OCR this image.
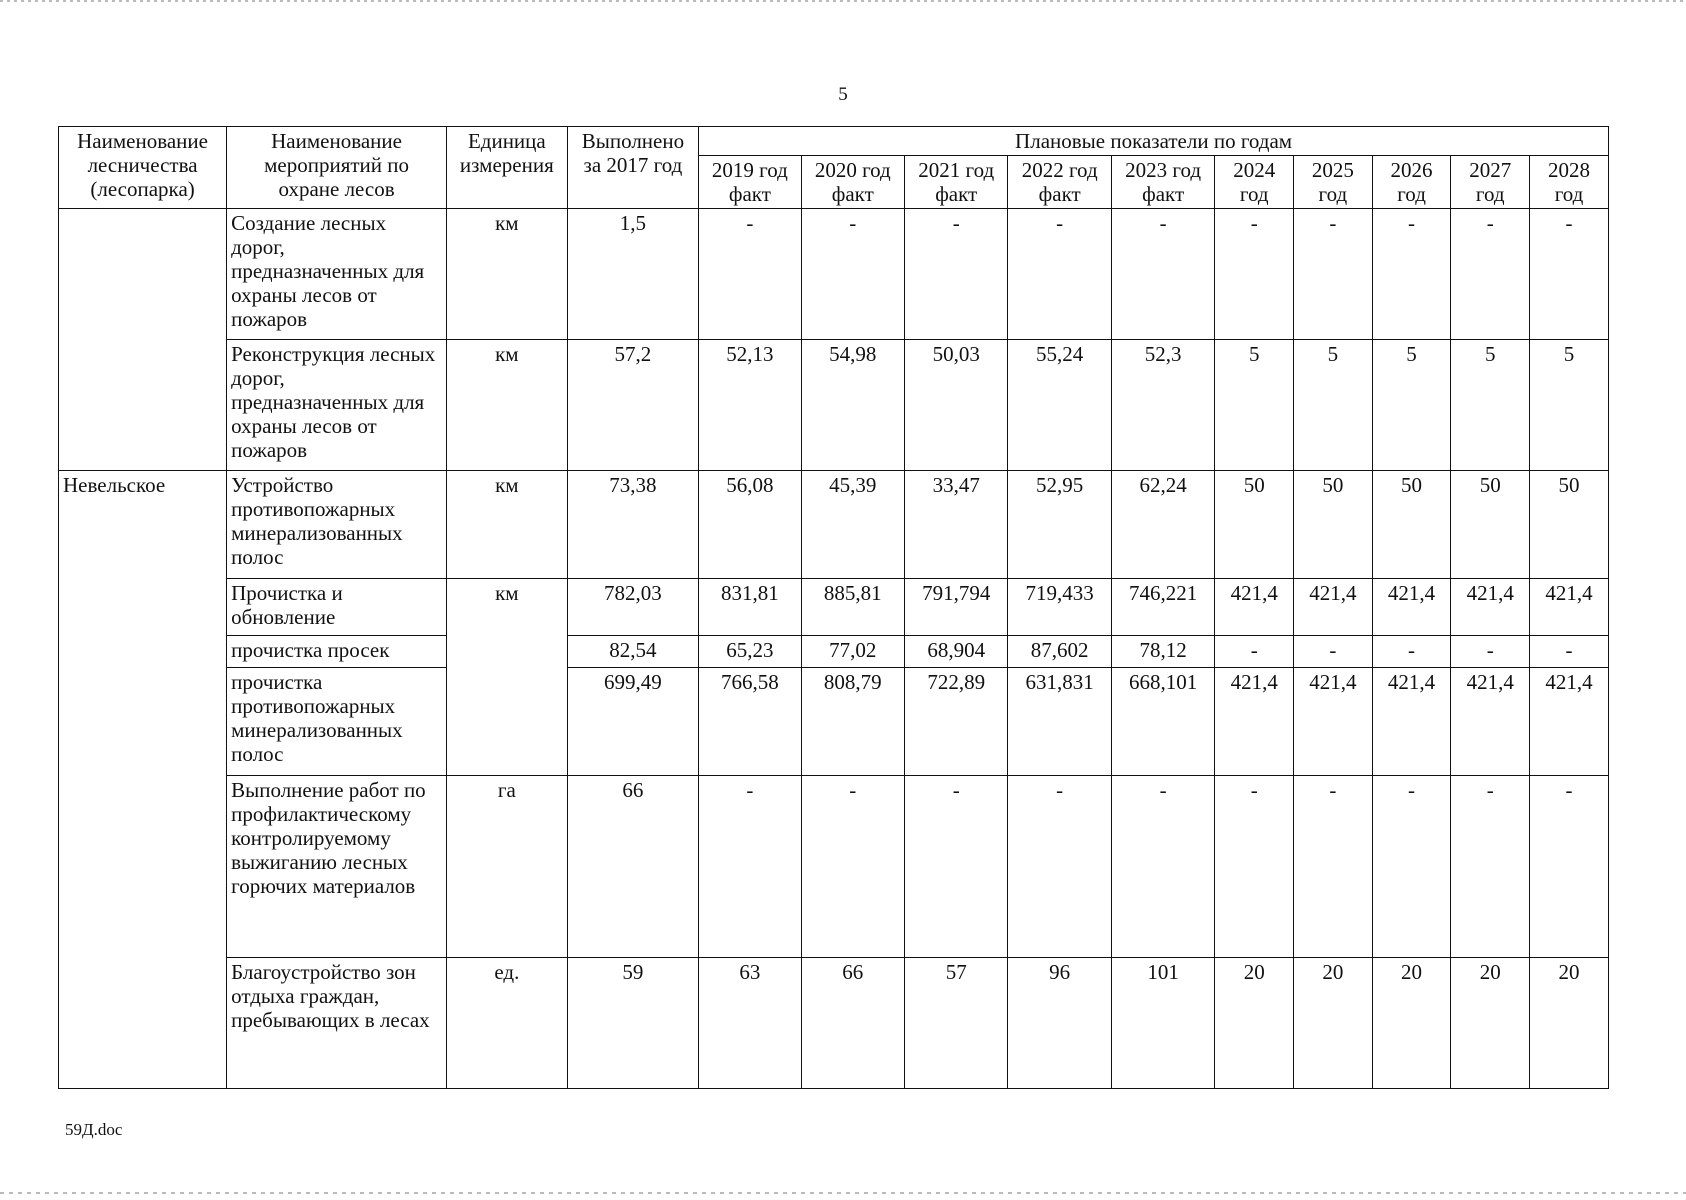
5
Наименование лесничества (лесопарка)	Наименование мероприятий по охране лесов	Единица измерения	Выполнено за 2017 год	Плановые показатели по годам									
				2019 год факт	2020 год факт	2021 год факт	2022 год факт	2023 год факт	2024 год	2025 год	2026 год	2027 год	2028 год
	Создание лесных дорог, предназначенных для охраны лесов от пожаров	км	1,5	-	-	-	-	-	-	-	-	-	-
	Реконструкция лесных дорог, предназначенных для охраны лесов от пожаров	км	57,2	52,13	54,98	50,03	55,24	52,3	5	5	5	5	5
Невельское	Устройство противопожарных минерализованных полос	км	73,38	56,08	45,39	33,47	52,95	62,24	50	50	50	50	50
	Прочистка и обновление	км	782,03	831,81	885,81	791,794	719,433	746,221	421,4	421,4	421,4	421,4	421,4
	прочистка просек		82,54	65,23	77,02	68,904	87,602	78,12	-	-	-	-	-
	прочистка противопожарных минерализованных полос		699,49	766,58	808,79	722,89	631,831	668,101	421,4	421,4	421,4	421,4	421,4
	Выполнение работ по профилактическому контролируемому выжиганию лесных горючих материалов	га	66	-	-	-	-	-	-	-	-	-	-
	Благоустройство зон отдыха граждан, пребывающих в лесах	ед.	59	63	66	57	96	101	20	20	20	20	20
59Д.doc
